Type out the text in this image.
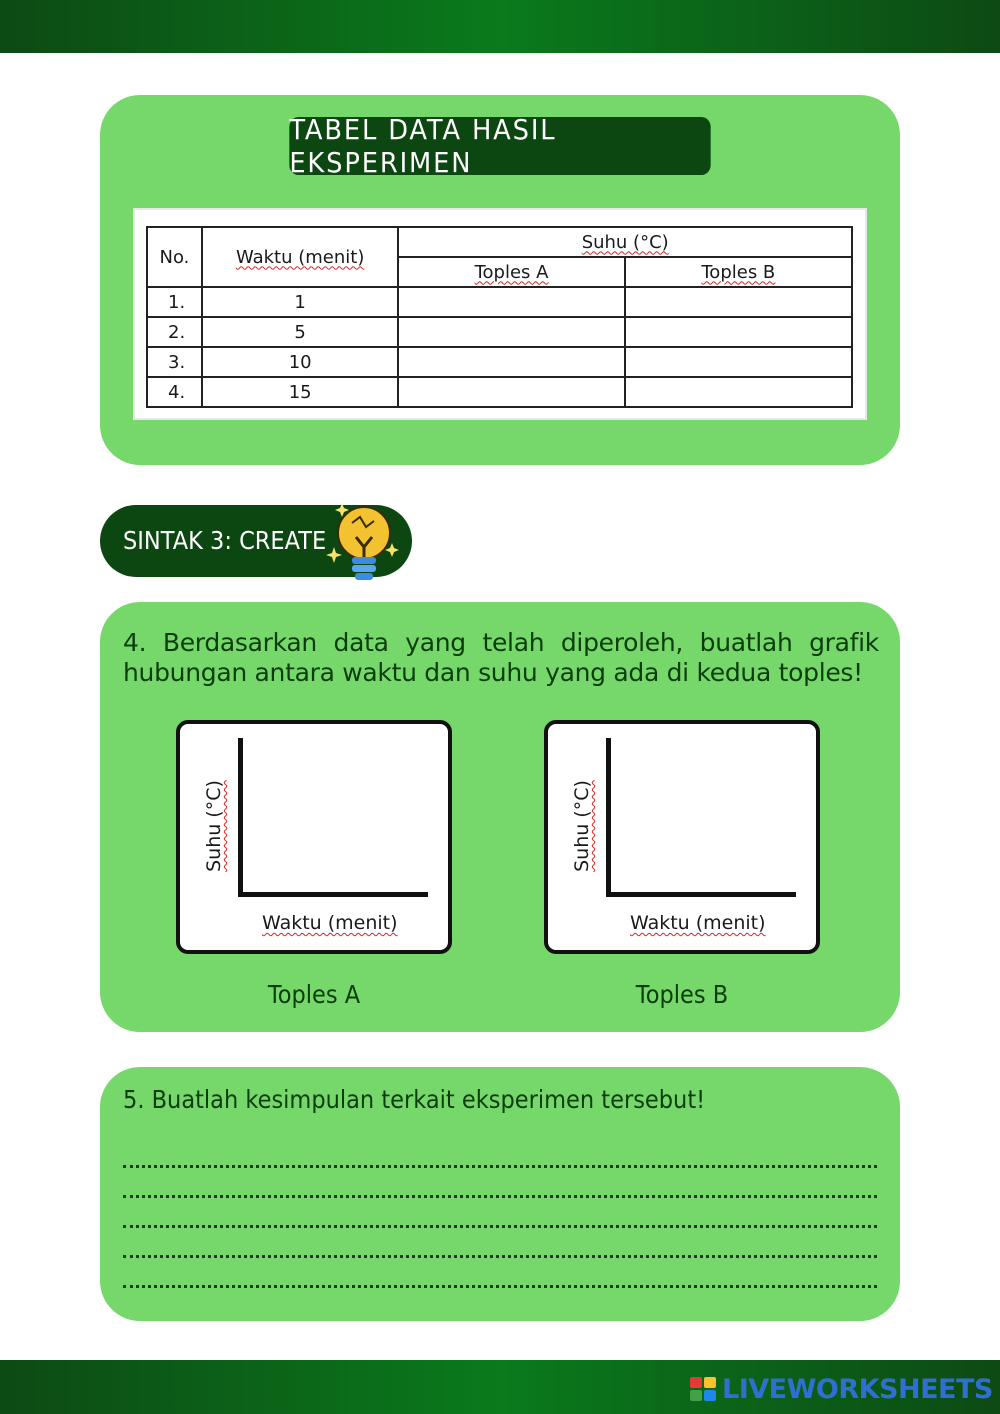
TABEL DATA HASIL EKSPERIMEN
No.	Waktu (menit)	Suhu (°C)	
		Toples A	Toples B
1.	1		
2.	5		
3.	10		
4.	15		
SINTAK 3: CREATE

4. Berdasarkan data yang telah diperoleh, buatlah grafik hubungan antara waktu dan suhu yang ada di kedua toples!

Suhu (°C)
Waktu (menit)
Suhu (°C)
Waktu (menit)
Toples A	Toples B
5. Buatlah kesimpulan terkait eksperimen tersebut!
LIVEWORKSHEETS
